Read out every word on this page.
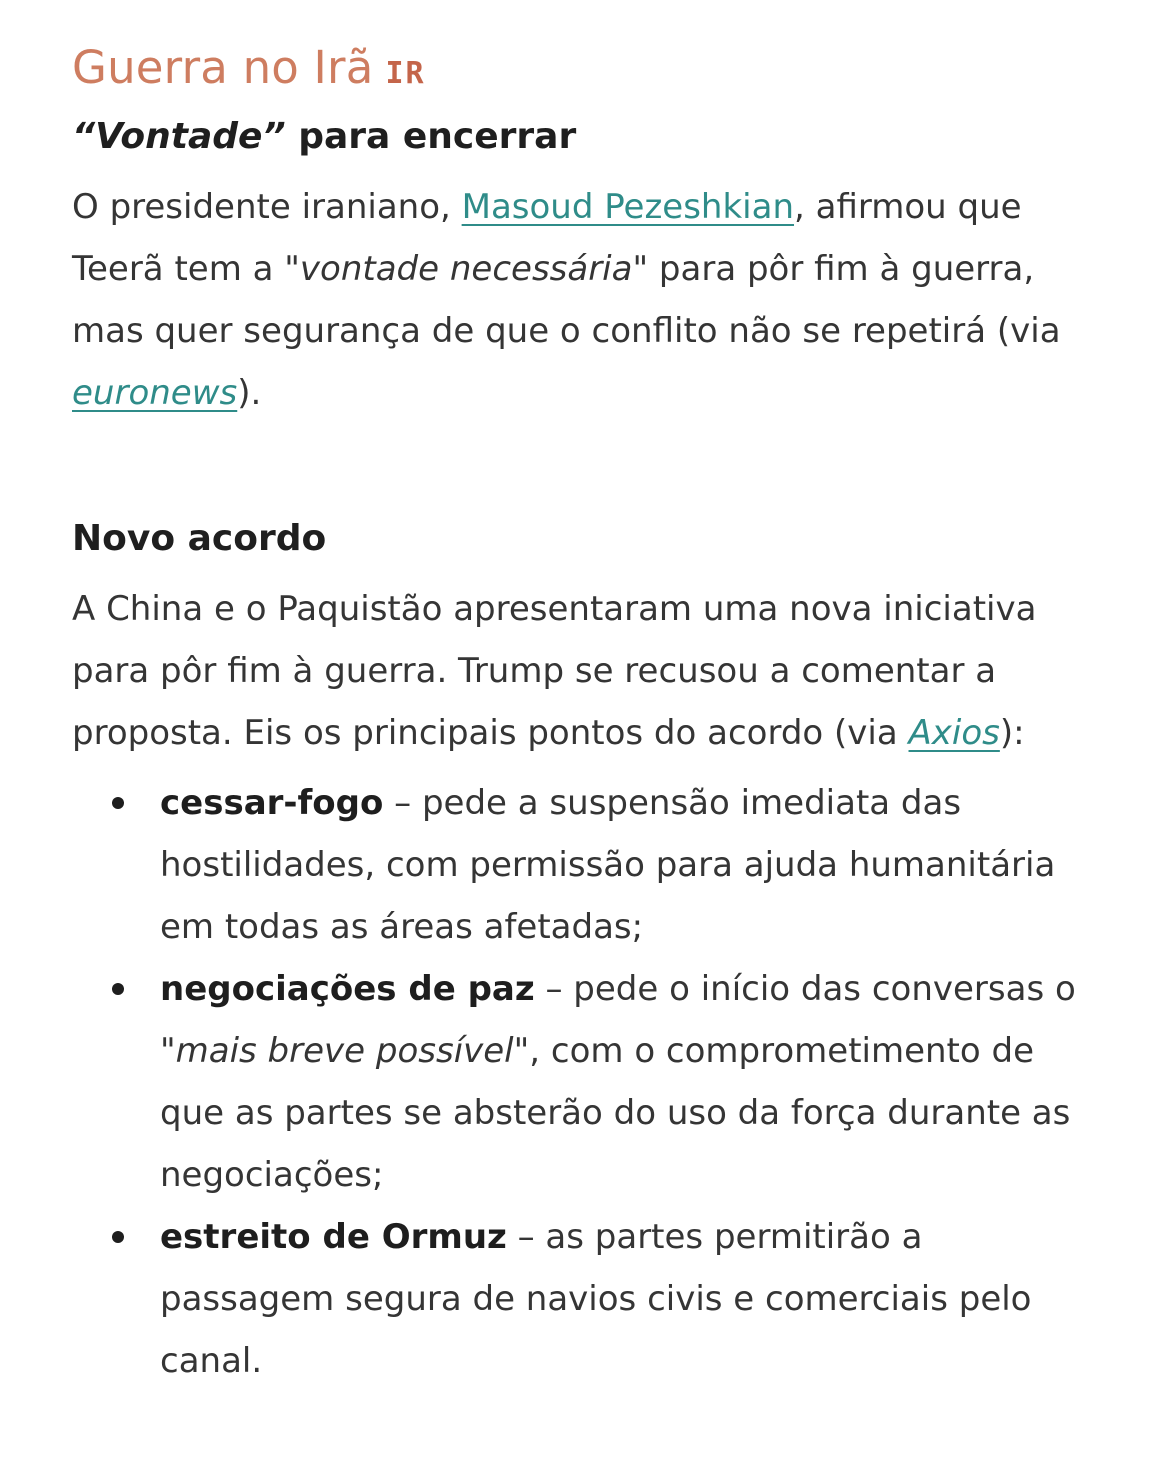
Guerra no Irã IR
“Vontade” para encerrar

O presidente iraniano, Masoud Pezeshkian, afirmou que Teerã tem a "vontade necessária" para pôr fim à guerra, mas quer segurança de que o conflito não se repetirá (via euronews).

Novo acordo

A China e o Paquistão apresentaram uma nova iniciativa para pôr fim à guerra. Trump se recusou a comentar a proposta. Eis os principais pontos do acordo (via Axios):

cessar-fogo – pede a suspensão imediata das hostilidades, com permissão para ajuda humanitária em todas as áreas afetadas;
negociações de paz – pede o início das conversas o "mais breve possível", com o comprometimento de que as partes se absterão do uso da força durante as negociações;
estreito de Ormuz – as partes permitirão a passagem segura de navios civis e comerciais pelo canal.
